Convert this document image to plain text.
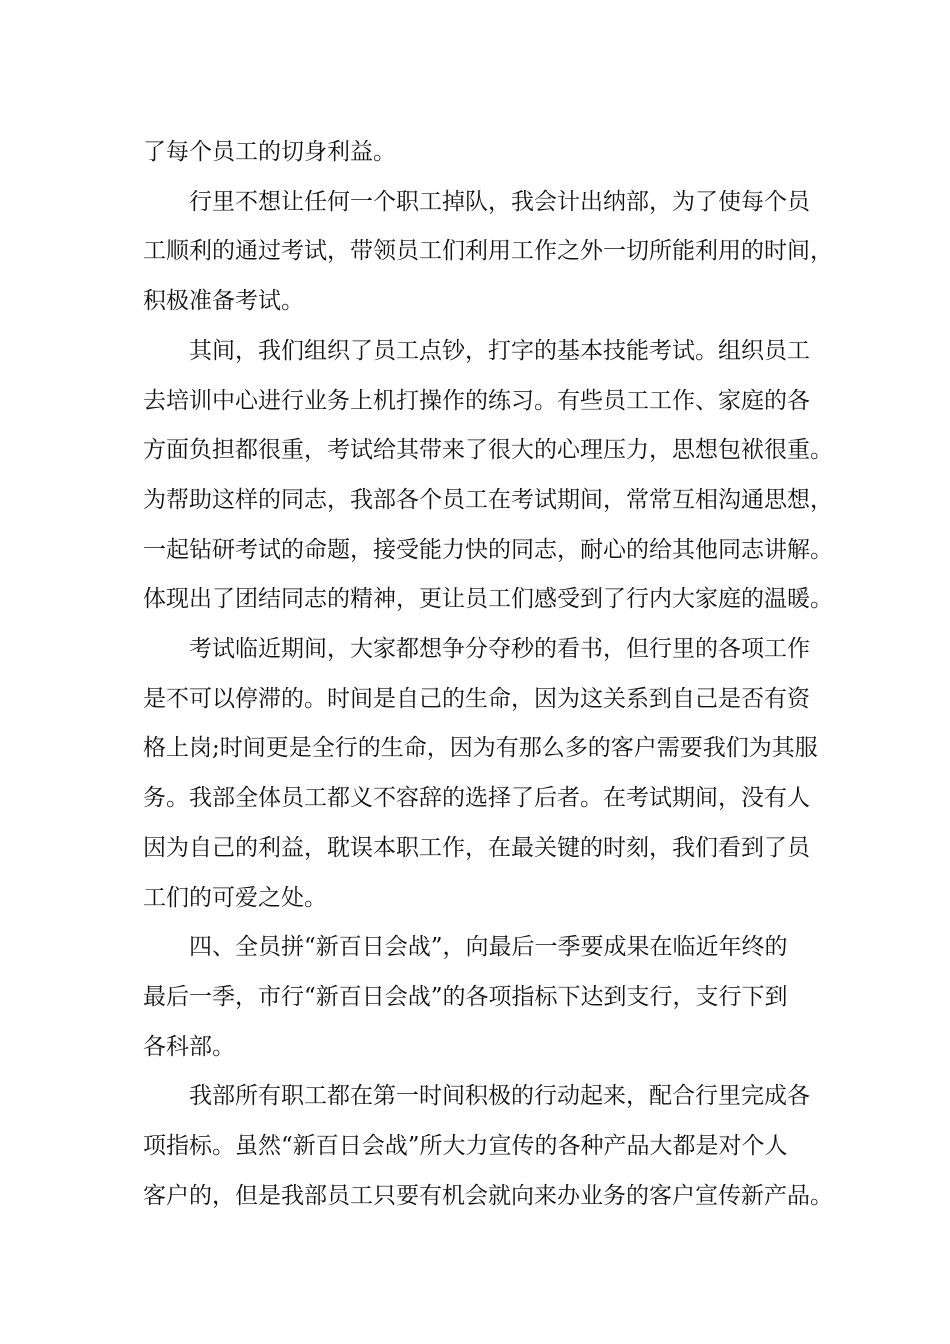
了每个员工的切身利益。

行里不想让任何一个职工掉队，我会计出纳部，为了使每个员
工顺利的通过考试，带领员工们利用工作之外一切所能利用的时间，
积极准备考试。

其间，我们组织了员工点钞，打字的基本技能考试。组织员工
去培训中心进行业务上机打操作的练习。有些员工工作、家庭的各
方面负担都很重，考试给其带来了很大的心理压力，思想包袱很重。
为帮助这样的同志，我部各个员工在考试期间，常常互相沟通思想，
一起钻研考试的命题，接受能力快的同志，耐心的给其他同志讲解。
体现出了团结同志的精神，更让员工们感受到了行内大家庭的温暖。

考试临近期间，大家都想争分夺秒的看书，但行里的各项工作
是不可以停滞的。时间是自己的生命，因为这关系到自己是否有资
格上岗;时间更是全行的生命，因为有那么多的客户需要我们为其服
务。我部全体员工都义不容辞的选择了后者。在考试期间，没有人
因为自己的利益，耽误本职工作，在最关键的时刻，我们看到了员
工们的可爱之处。

四、全员拼“新百日会战”，向最后一季要成果在临近年终的
最后一季，市行“新百日会战”的各项指标下达到支行，支行下到
各科部。

我部所有职工都在第一时间积极的行动起来，配合行里完成各
项指标。虽然“新百日会战”所大力宣传的各种产品大都是对个人
客户的，但是我部员工只要有机会就向来办业务的客户宣传新产品。
